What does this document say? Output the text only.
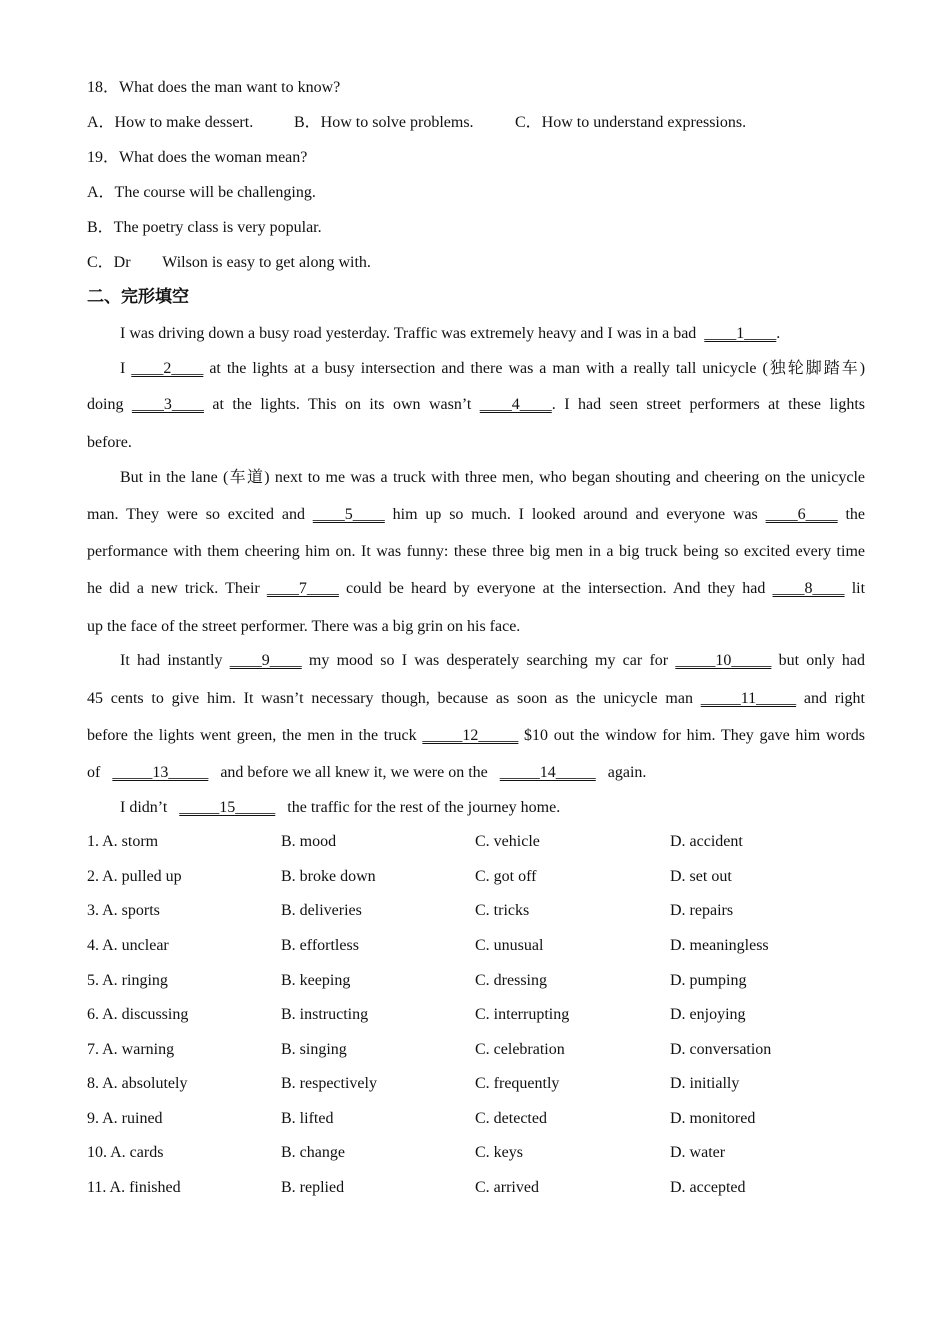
18．What does the man want to know?
A．How to make dessert.	B．How to solve problems.	C．How to understand expressions.
19．What does the woman mean?
A．The course will be challenging.
B．The poetry class is very popular.
C．Dr        Wilson is easy to get along with.
二、完形填空
I was driving down a busy road yesterday. Traffic was extremely heavy and I was in a bad ____1____.
I ____2____ at the lights at a busy intersection and there was a man with a really tall unicycle (独轮脚踏车)
doing ____3____ at the lights. This on its own wasn’t ____4____. I had seen street performers at these lights
before.
But in the lane (车道) next to me was a truck with three men, who began shouting and cheering on the unicycle
man. They were so excited and ____5____ him up so much. I looked around and everyone was ____6____ the
performance with them cheering him on. It was funny: these three big men in a big truck being so excited every time
he did a new trick. Their ____7____ could be heard by everyone at the intersection. And they had ____8____ lit
up the face of the street performer. There was a big grin on his face.
It had instantly ____9____ my mood so I was desperately searching my car for _____10_____ but only had
45 cents to give him. It wasn’t necessary though, because as soon as the unicycle man _____11_____ and right
before the lights went green, the men in the truck _____12_____ $10 out the window for him. They gave him words
of _____13_____ and before we all knew it, we were on the _____14_____ again.
I didn’t _____15_____ the traffic for the rest of the journey home.
1. A. storm	B. mood	C. vehicle	D. accident
2. A. pulled up	B. broke down	C. got off	D. set out
3. A. sports	B. deliveries	C. tricks	D. repairs
4. A. unclear	B. effortless	C. unusual	D. meaningless
5. A. ringing	B. keeping	C. dressing	D. pumping
6. A. discussing	B. instructing	C. interrupting	D. enjoying
7. A. warning	B. singing	C. celebration	D. conversation
8. A. absolutely	B. respectively	C. frequently	D. initially
9. A. ruined	B. lifted	C. detected	D. monitored
10. A. cards	B. change	C. keys	D. water
11. A. finished	B. replied	C. arrived	D. accepted
